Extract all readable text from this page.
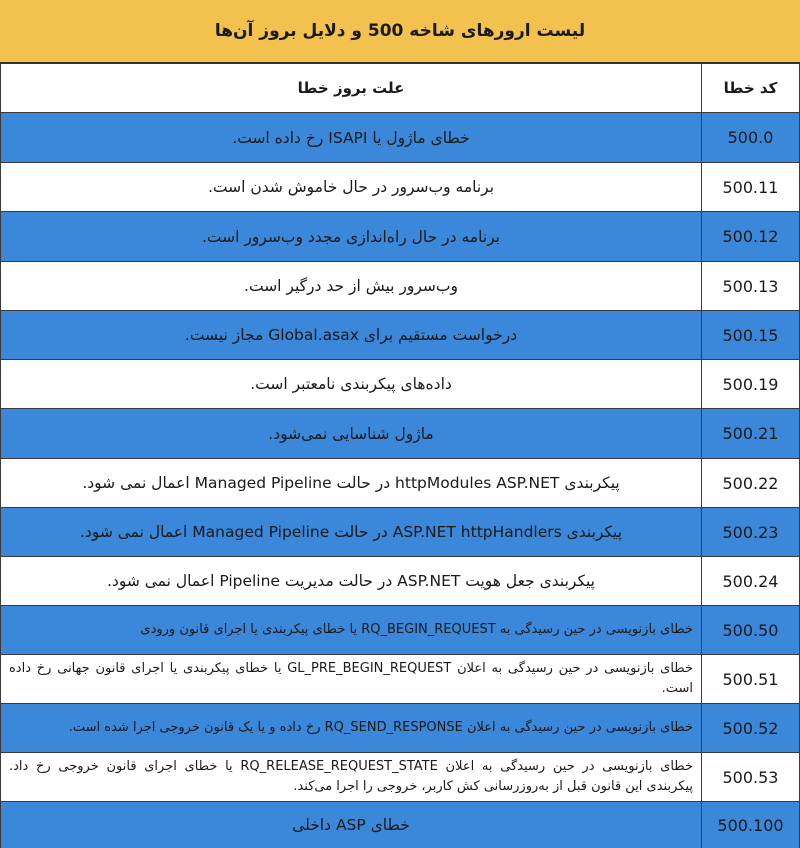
لیست ارورهای شاخه 500 و دلایل بروز آن‌ها
کد خطا
علت بروز خطا
500.0
خطای ماژول یا ISAPI رخ داده است.
500.11
برنامه وب‌سرور در حال خاموش شدن است.
500.12
برنامه در حال راه‌اندازی مجدد وب‌سرور است.
500.13
وب‌سرور بیش از حد درگیر است.
500.15
درخواست مستقیم برای Global.asax مجاز نیست.
500.19
داده‌های پیکربندی نامعتبر است.
500.21
ماژول شناسایی نمی‌شود.
500.22
پیکربندی httpModules ASP.NET در حالت Managed Pipeline اعمال نمی شود.
500.23
پیکربندی ASP.NET httpHandlers در حالت Managed Pipeline اعمال نمی شود.
500.24
پیکربندی جعل هویت ASP.NET در حالت مدیریت Pipeline اعمال نمی شود.
500.50
خطای بازنویسی در حین رسیدگی به RQ_BEGIN_REQUEST یا خطای پیکربندی یا اجرای قانون ورودی
500.51
خطای بازنویسی در حین رسیدگی به اعلان GL_PRE_BEGIN_REQUEST یا خطای پیکربندی یا اجرای قانون جهانی رخ داده است.
500.52
خطای بازنویسی در حین رسیدگی به اعلان RQ_SEND_RESPONSE رخ داده و یا یک قانون خروجی اجرا شده است.
500.53
خطای بازنویسی در حین رسیدگی به اعلان RQ_RELEASE_REQUEST_STATE یا خطای اجرای قانون خروجی رخ داد. پیکربندی این قانون قبل از به‌روزرسانی کش کاربر، خروجی را اجرا می‌کند.
500.100
خطای ASP داخلی
